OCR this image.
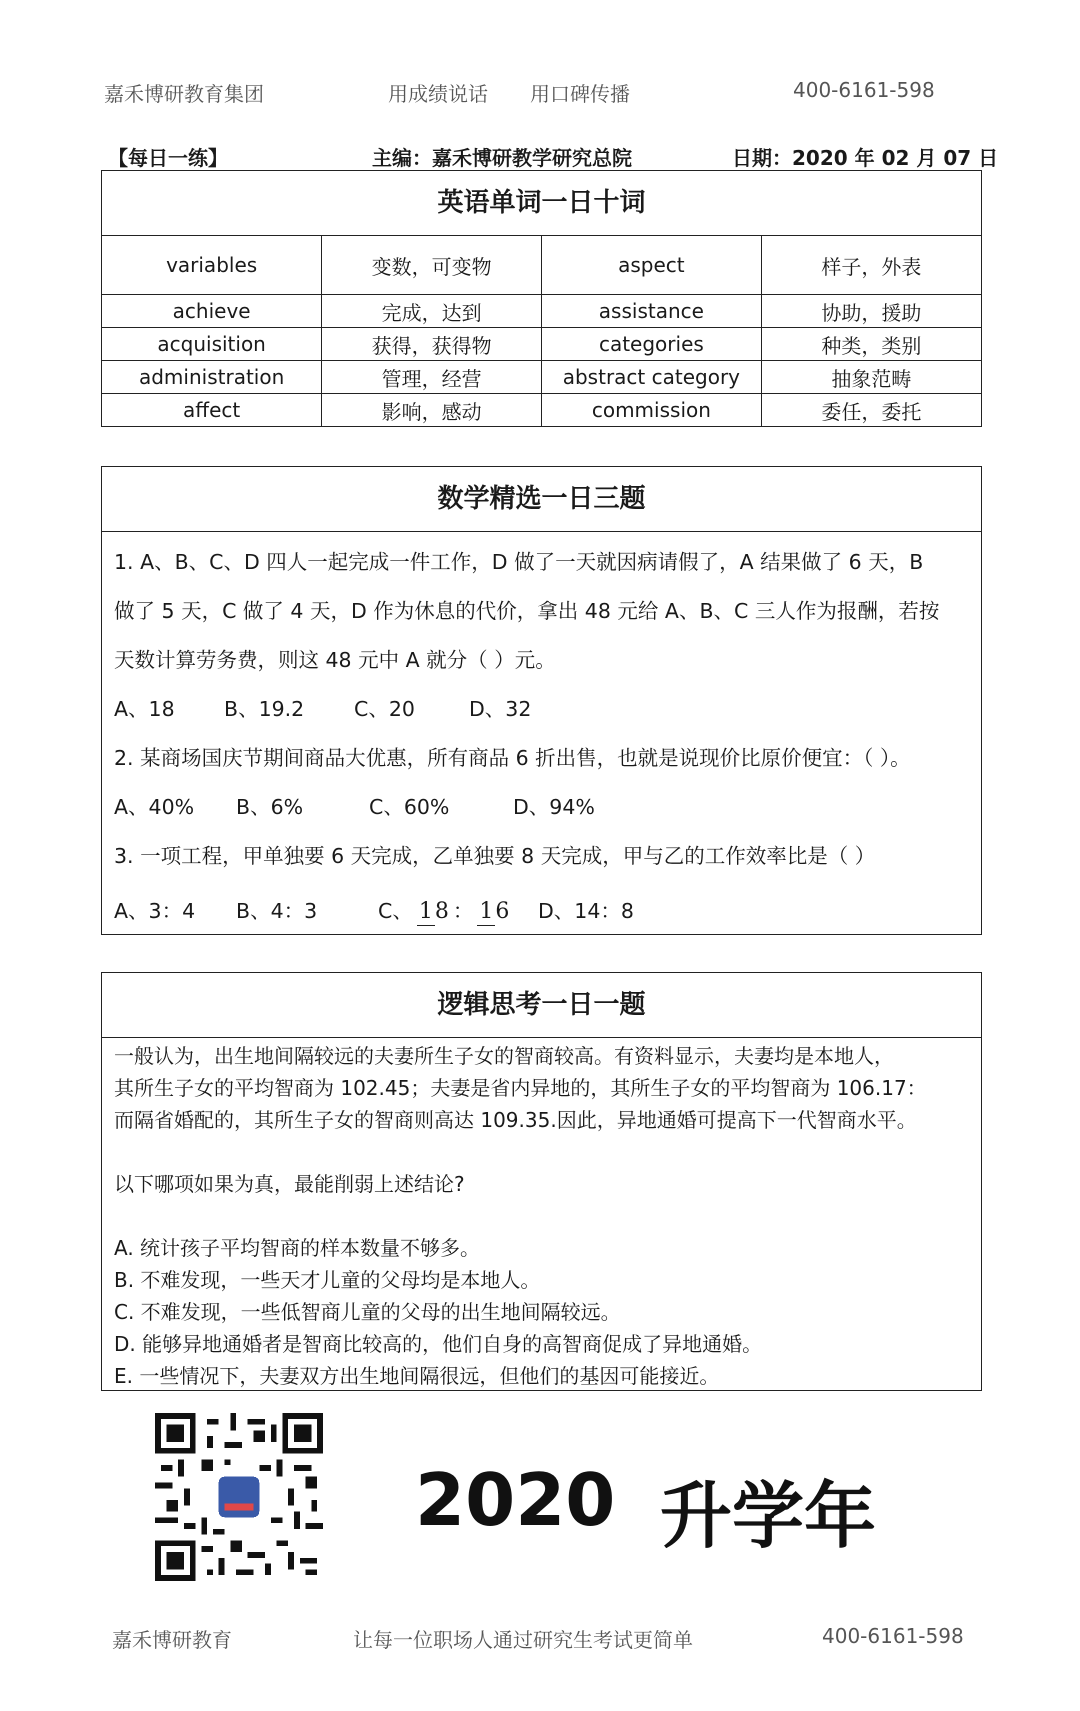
嘉禾博研教育集团	用成绩说话 用口碑传播	400-6161-598
【每日一练】	主编：嘉禾博研教学研究总院	日期：2020 年 02 月 07 日
英语单词一日十词
variables	变数，可变物	aspect	样子，外表
achieve	完成，达到	assistance	协助，援助
acquisition	获得，获得物	categories	种类，类别
administration	管理，经营	abstract category	抽象范畴
affect	影响，感动	commission	委任，委托
数学精选一日三题
1. A、B、C、D 四人一起完成一件工作，D 做了一天就因病请假了，A 结果做了 6 天，B
做了 5 天，C 做了 4 天，D 作为休息的代价，拿出 48 元给 A、B、C 三人作为报酬，若按
天数计算劳务费，则这 48 元中 A 就分（ ）元。
A、18 B、19.2 C、20	D、32
2. 某商场国庆节期间商品大优惠，所有商品 6 折出售，也就是说现价比原价便宜：（ ）。
A、40% B、6%	C、60%	D、94%
3. 一项工程，甲单独要 6 天完成，乙单独要 8 天完成，甲与乙的工作效率比是（ ）
A、3：4 B、4：3	C、 18 ： 16 D、14：8
逻辑思考一日一题
一般认为，出生地间隔较远的夫妻所生子女的智商较高。有资料显示，夫妻均是本地人，
其所生子女的平均智商为 102.45；夫妻是省内异地的，其所生子女的平均智商为 106.17：
而隔省婚配的，其所生子女的智商则高达 109.35.因此，异地通婚可提高下一代智商水平。
以下哪项如果为真，最能削弱上述结论?
A. 统计孩子平均智商的样本数量不够多。
B. 不难发现，一些天才儿童的父母均是本地人。
C. 不难发现，一些低智商儿童的父母的出生地间隔较远。
D. 能够异地通婚者是智商比较高的，他们自身的高智商促成了异地通婚。
E. 一些情况下，夫妻双方出生地间隔很远，但他们的基因可能接近。
2020 升学年
嘉禾博研教育	让每一位职场人通过研究生考试更简单	400-6161-598
